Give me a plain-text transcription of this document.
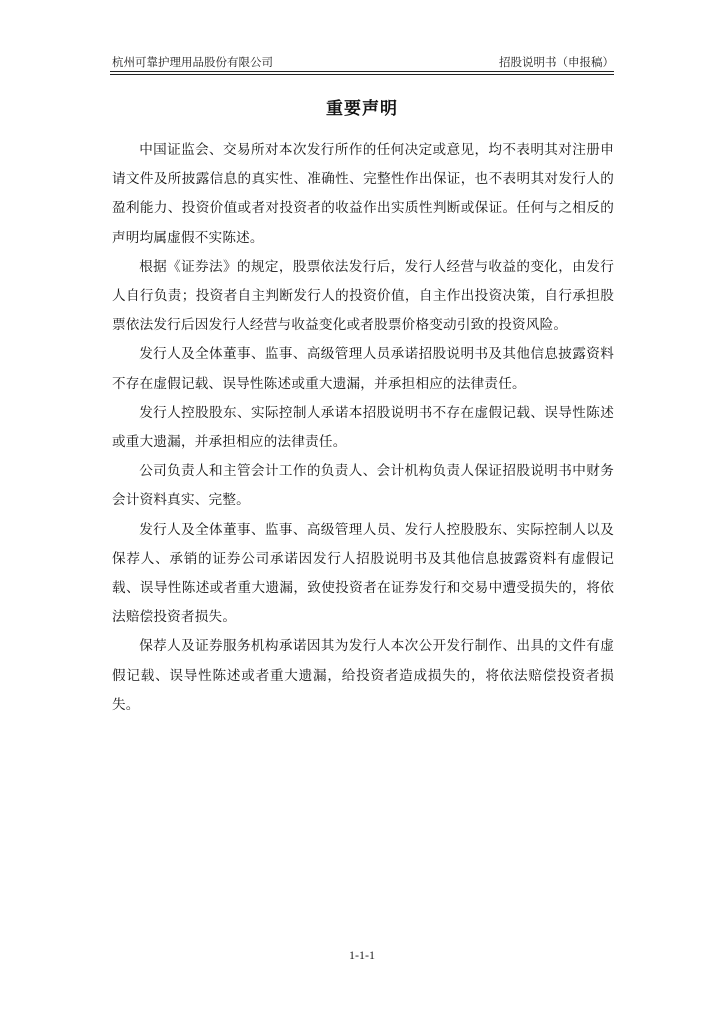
杭州可靠护理用品股份有限公司	招股说明书（申报稿）
重要声明

中国证监会、交易所对本次发行所作的任何决定或意见，均不表明其对注册申请文件及所披露信息的真实性、准确性、完整性作出保证，也不表明其对发行人的盈利能力、投资价值或者对投资者的收益作出实质性判断或保证。任何与之相反的声明均属虚假不实陈述。

根据《证券法》的规定，股票依法发行后，发行人经营与收益的变化，由发行人自行负责；投资者自主判断发行人的投资价值，自主作出投资决策，自行承担股票依法发行后因发行人经营与收益变化或者股票价格变动引致的投资风险。

发行人及全体董事、监事、高级管理人员承诺招股说明书及其他信息披露资料不存在虚假记载、误导性陈述或重大遗漏，并承担相应的法律责任。

发行人控股股东、实际控制人承诺本招股说明书不存在虚假记载、误导性陈述或重大遗漏，并承担相应的法律责任。

公司负责人和主管会计工作的负责人、会计机构负责人保证招股说明书中财务会计资料真实、完整。

发行人及全体董事、监事、高级管理人员、发行人控股股东、实际控制人以及保荐人、承销的证券公司承诺因发行人招股说明书及其他信息披露资料有虚假记载、误导性陈述或者重大遗漏，致使投资者在证券发行和交易中遭受损失的，将依法赔偿投资者损失。

保荐人及证券服务机构承诺因其为发行人本次公开发行制作、出具的文件有虚假记载、误导性陈述或者重大遗漏，给投资者造成损失的，将依法赔偿投资者损失。

1-1-1
